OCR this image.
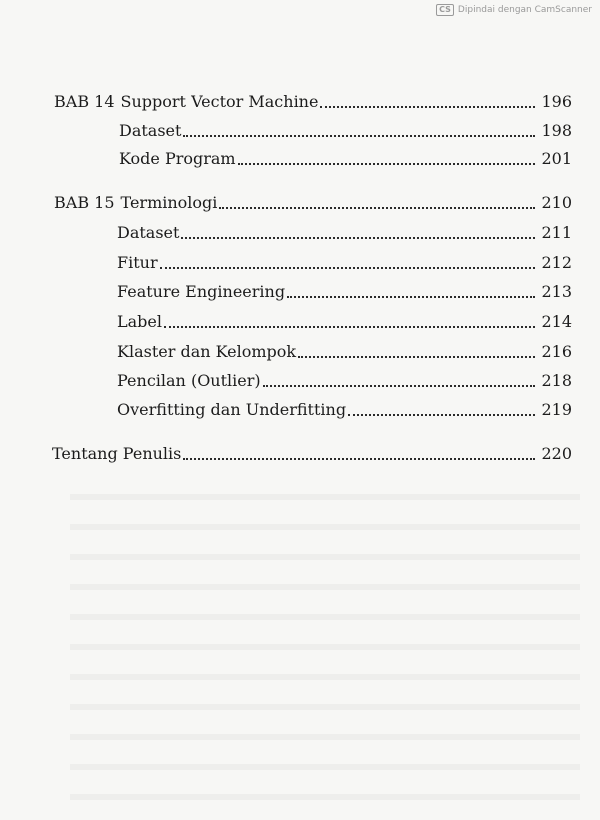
CS Dipindai dengan CamScanner
BAB 14 Support Vector Machine	196
Dataset	198
Kode Program	201
BAB 15 Terminologi	210
Dataset	211
Fitur	212
Feature Engineering	213
Label	214
Klaster dan Kelompok	216
Pencilan (Outlier)	218
Overfitting dan Underfitting	219
Tentang Penulis	220
